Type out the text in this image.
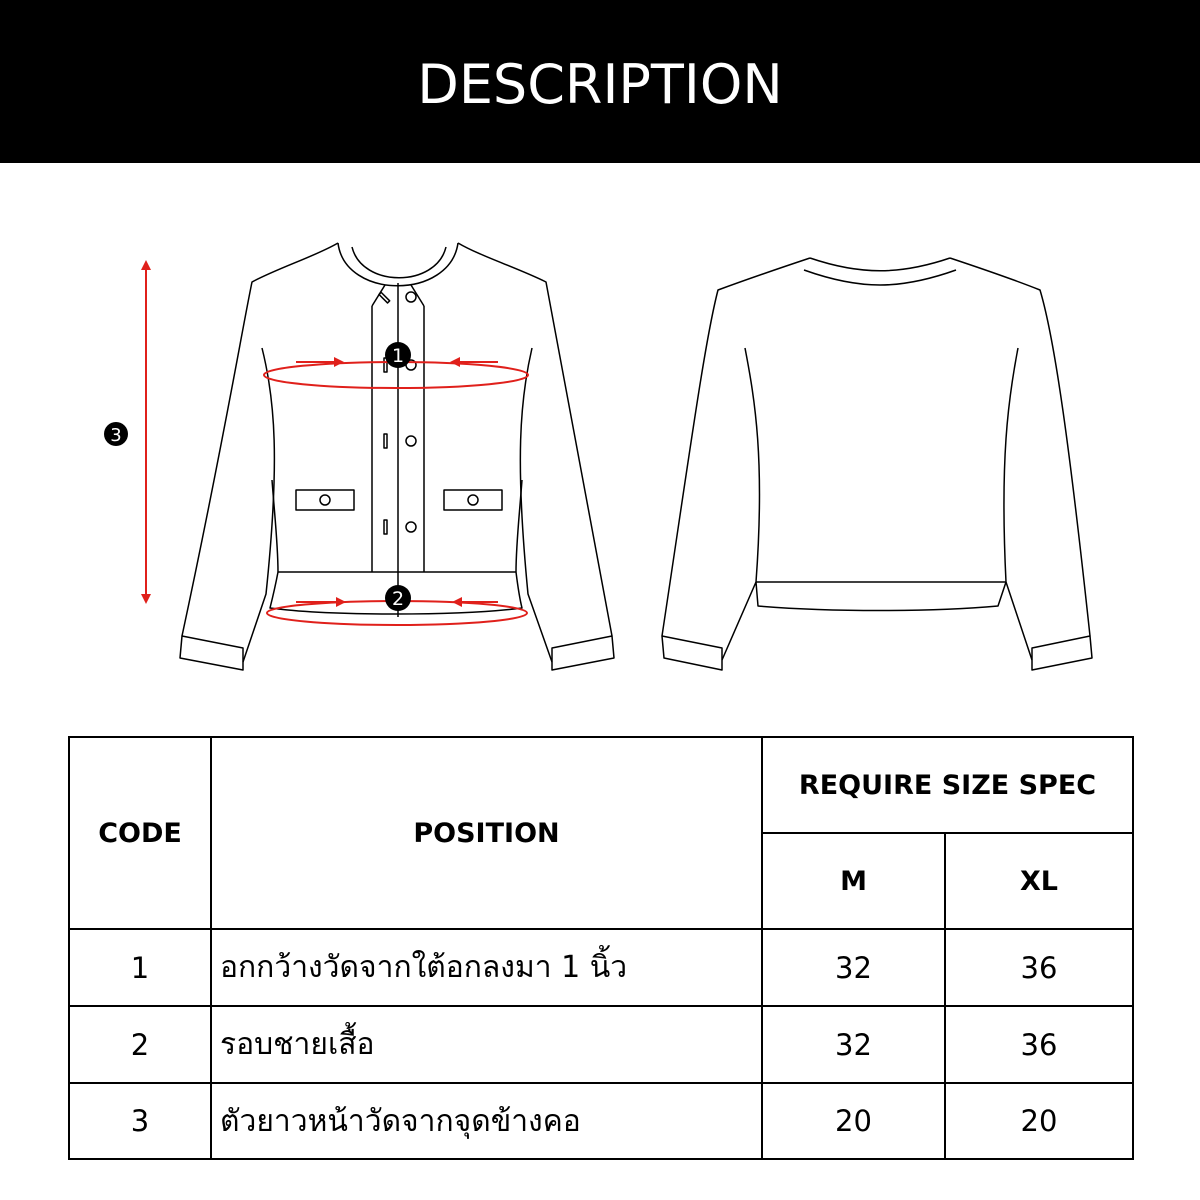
DESCRIPTION
1
2
3
CODE	POSITION	REQUIRE SIZE SPEC	
		M	XL
1	อกกว้างวัดจากใต้อกลงมา 1 นิ้ว	32	36
2	รอบชายเสื้อ	32	36
3	ตัวยาวหน้าวัดจากจุดข้างคอ	20	20
